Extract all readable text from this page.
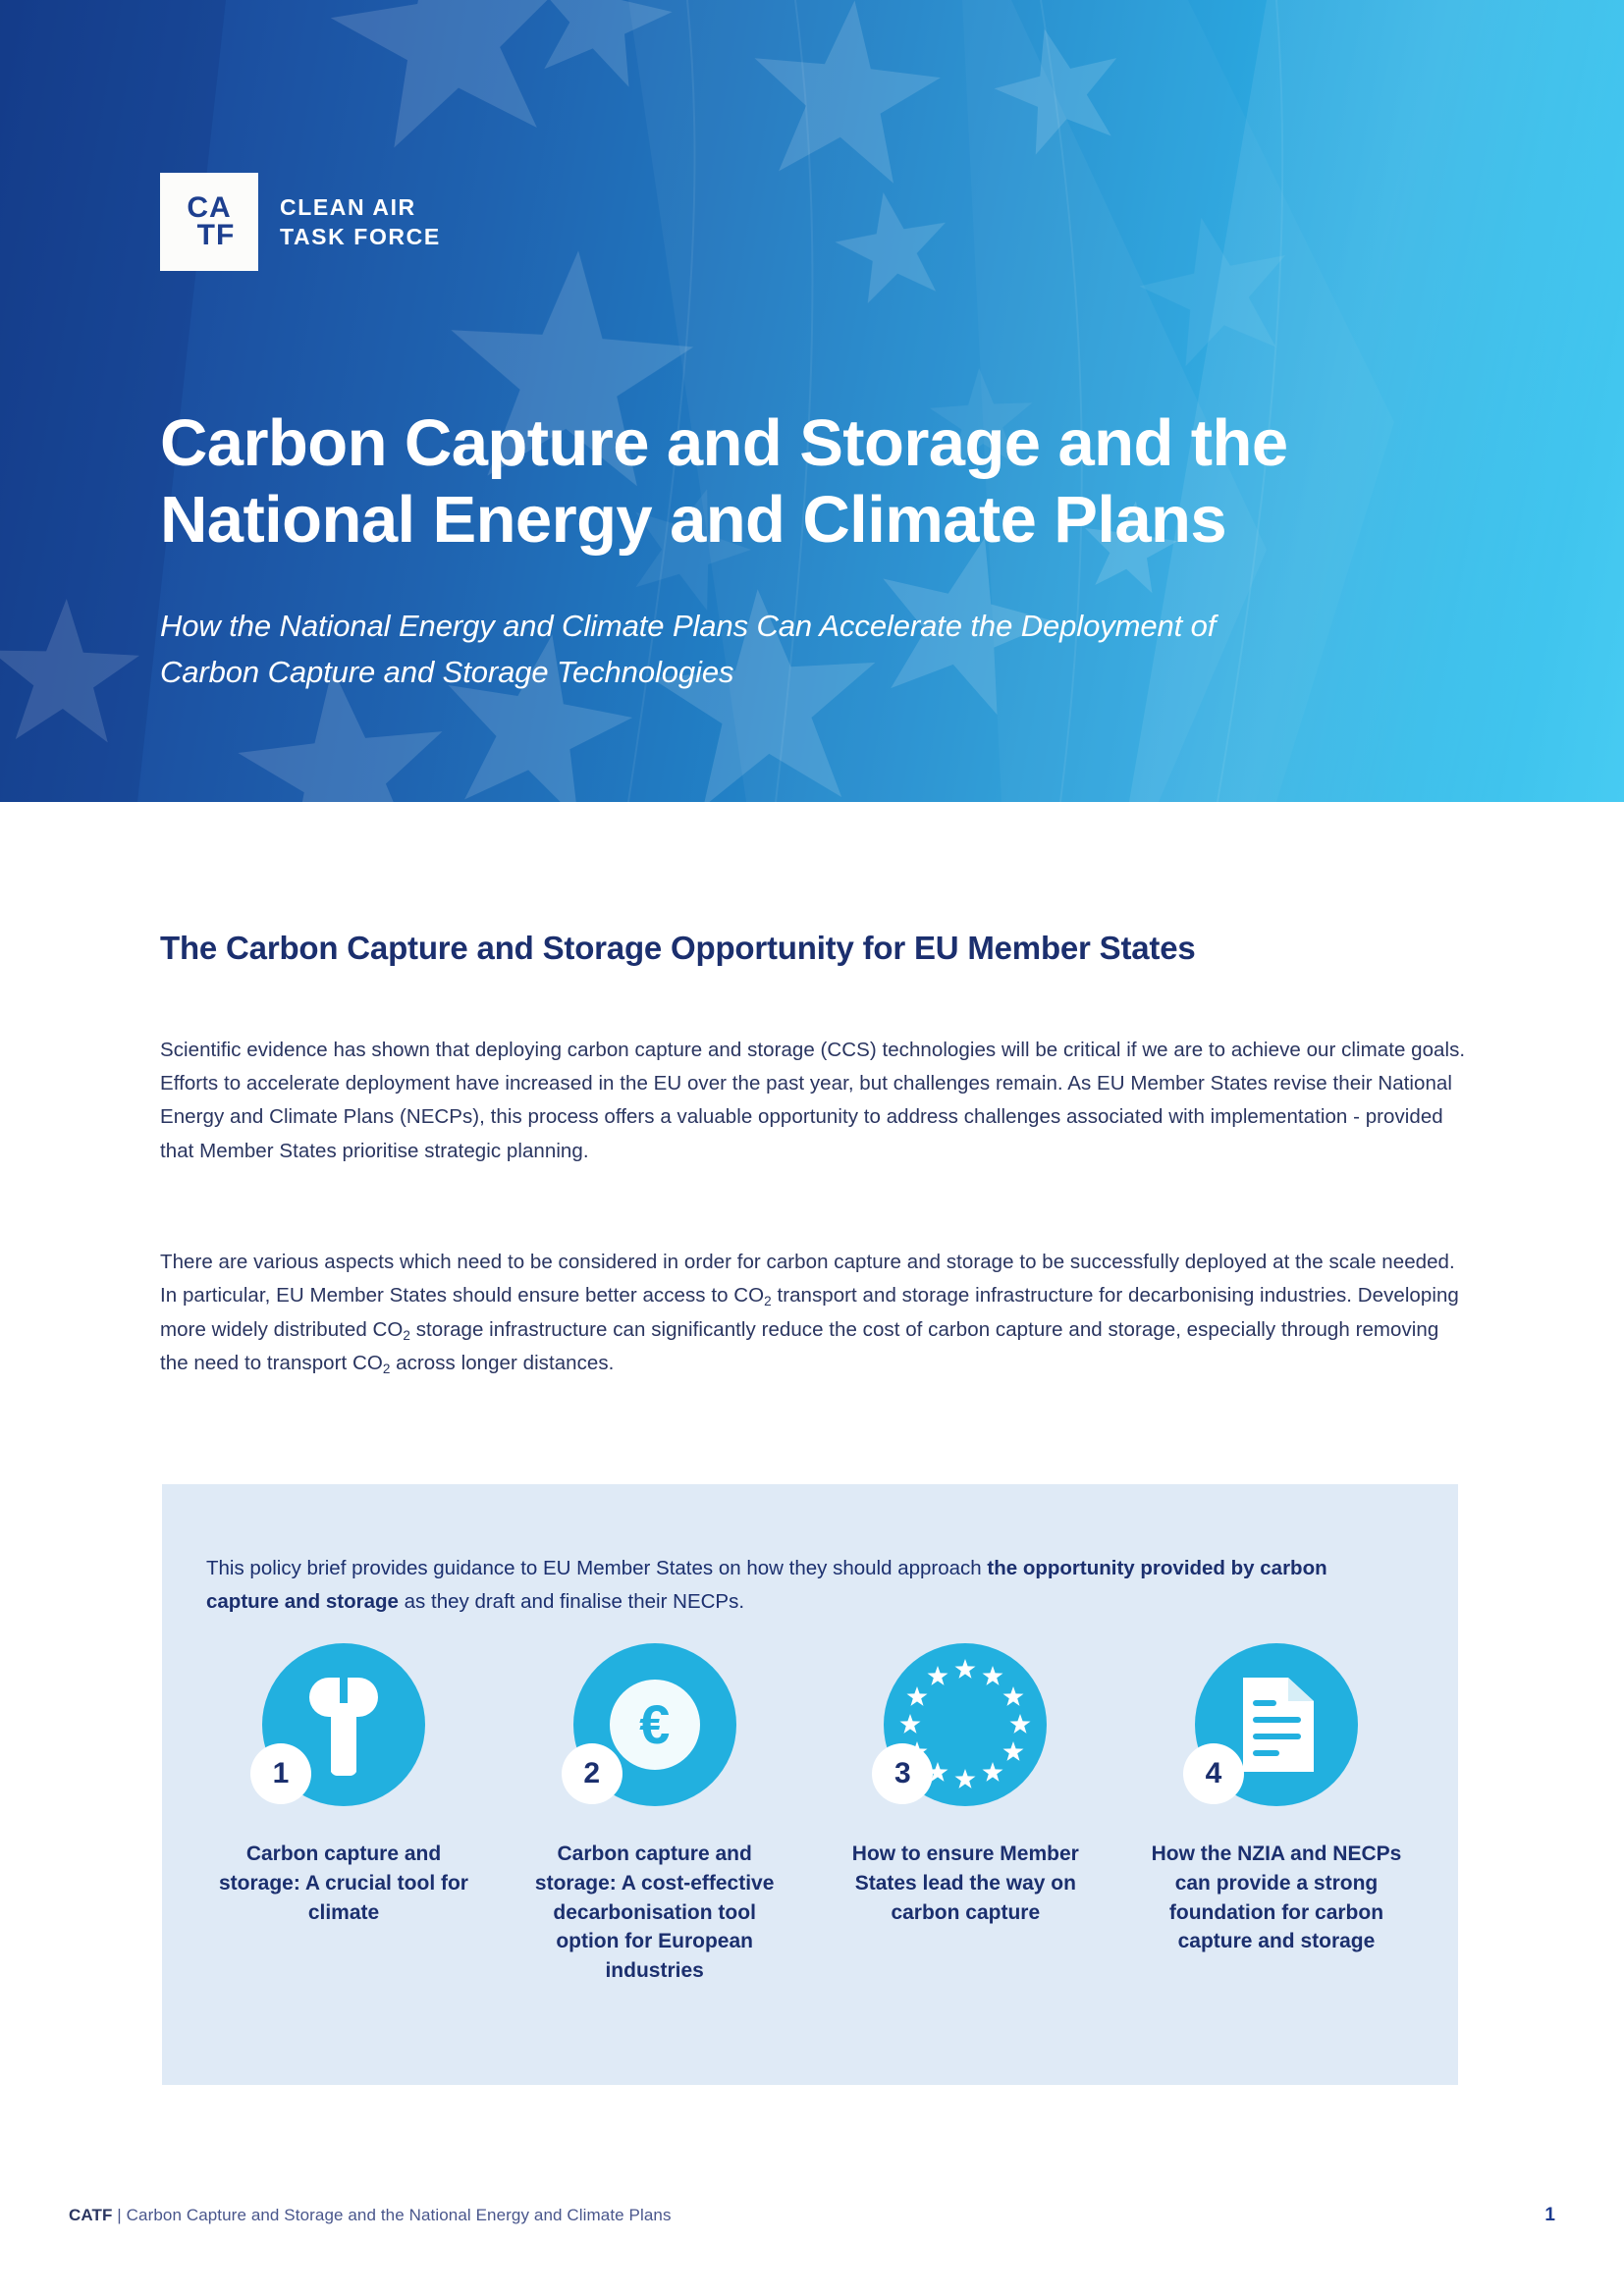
CA
TF
CLEAN AIR
TASK FORCE
Carbon Capture and Storage and the National Energy and Climate Plans

How the National Energy and Climate Plans Can Accelerate the Deployment of Carbon Capture and Storage Technologies

The Carbon Capture and Storage Opportunity for EU Member States

Scientific evidence has shown that deploying carbon capture and storage (CCS) technologies will be critical if we are to achieve our climate goals. Efforts to accelerate deployment have increased in the EU over the past year, but challenges remain. As EU Member States revise their National Energy and Climate Plans (NECPs), this process offers a valuable opportunity to address challenges associated with implementation - provided that Member States prioritise strategic planning.

There are various aspects which need to be considered in order for carbon capture and storage to be successfully deployed at the scale needed. In particular, EU Member States should ensure better access to $CO_2$ transport and storage infrastructure for decarbonising industries. Developing more widely distributed $CO_2$ storage infrastructure can significantly reduce the cost of carbon capture and storage, especially through removing the need to transport $CO_2$ across longer distances.

This policy brief provides guidance to EU Member States on how they should approach the opportunity provided by carbon capture and storage as they draft and finalise their NECPs.

1
Carbon capture and storage: A crucial tool for climate
€
2
Carbon capture and storage: A cost-effective decarbonisation tool option for European industries
3
How to ensure Member States lead the way on carbon capture
4
How the NZIA and NECPs can provide a strong foundation for carbon capture and storage
CATF | Carbon Capture and Storage and the National Energy and Climate Plans	1
